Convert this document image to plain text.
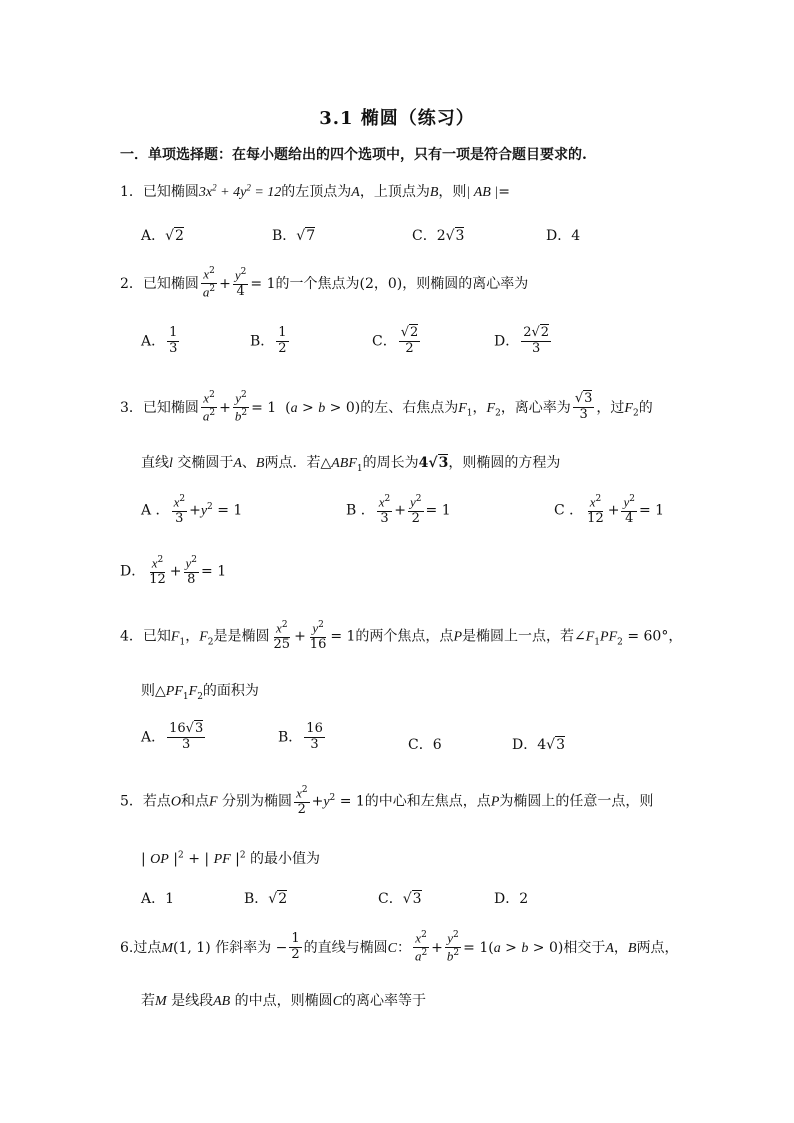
3.1 椭圆（练习）
一．单项选择题：在每小题给出的四个选项中，只有一项是符合题目要求的.
1．已知椭圆$3x^2 + 4y^2 = 12$的左顶点为A，上顶点为B，则| AB |=
A．√2	B．√7	C．2√3	D．4
2．已知椭圆 $\frac{x^2}{a^2} + \frac{y^2}{4} = 1$的一个焦点为(2，0)，则椭圆的离心率为
A． $\frac{1}{3}$	B． $\frac{1}{2}$	C． $\frac{√2}{2}$	D． $\frac{2√2}{3}$
3．已知椭圆 $\frac{x^2}{a^2} + \frac{y^2}{b^2} = 1$  (a > b > 0)的左、右焦点为$F_1$，$F_2$，离心率为 $\frac{√3}{3}$ ，过$F_2$的
直线l 交椭圆于A、B两点．若$\triangle ABF_1$的周长为4√3，则椭圆的方程为
A ． $\frac{x^2}{3} +y^2 = 1$	B ． $\frac{x^2}{3} + \frac{y^2}{2} = 1$	C ． $\frac{x^2}{12} + \frac{y^2}{4} = 1$
D． $\frac{x^2}{12} + \frac{y^2}{8} = 1$
4．已知$F_1$，$F_2$是是椭圆 $\frac{x^2}{25} + \frac{y^2}{16} = 1$的两个焦点，点P是椭圆上一点，若$\angle F_1PF_2 = 60^\circ$，
则$\triangle PF_1F_2$的面积为
A． $\frac{16√3}{3}$	B． $\frac{16}{3}$	C．6	D．4√3
5．若点O和点F 分别为椭圆 $\frac{x^2}{2} +y^2 = 1$的中心和左焦点，点P为椭圆上的任意一点，则
| OP $|^2$ + | PF $|^2$ 的最小值为
A．1	B．√2	C．√3	D．2
6.过点M(1, 1) 作斜率为 − $\frac{1}{2}$ 的直线与椭圆C： $\frac{x^2}{a^2} + \frac{y^2}{b^2} = 1(a > b > 0)$相交于A，B两点，
若M 是线段AB 的中点，则椭圆C的离心率等于
